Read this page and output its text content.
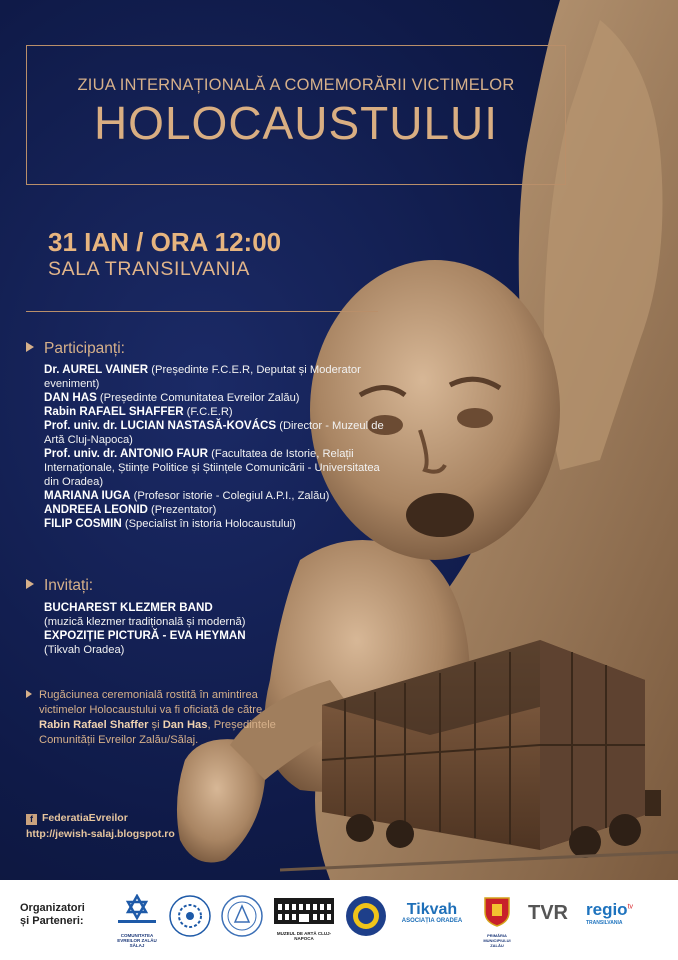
ZIUA INTERNAȚIONALĂ A COMEMORĂRII VICTIMELOR
HOLOCAUSTULUI
31 IAN / ORA 12:00
SALA TRANSILVANIA
Participanți:
Dr. AUREL VAINER (Președinte F.C.E.R, Deputat și Moderator eveniment)
DAN HAS (Președinte Comunitatea Evreilor Zalău)
Rabin RAFAEL SHAFFER (F.C.E.R)
Prof. univ. dr. LUCIAN NASTASĂ-KOVÁCS (Director - Muzeul de Artă Cluj-Napoca)
Prof. univ. dr. ANTONIO FAUR (Facultatea de Istorie, Relații Internaționale, Științe Politice și Științele Comunicării - Universitatea din Oradea)
MARIANA IUGA (Profesor istorie - Colegiul A.P.I., Zalău)
ANDREEA LEONID (Prezentator)
FILIP COSMIN (Specialist în istoria Holocaustului)
Invitați:
BUCHAREST KLEZMER BAND
(muzică klezmer tradițională și modernă)
EXPOZIȚIE PICTURĂ - EVA HEYMAN
(Tikvah Oradea)
Rugăciunea ceremonială rostită în amintirea victimelor Holocaustului va fi oficiată de către Rabin Rafael Shaffer și Dan Has, Președintele Comunității Evreilor Zalău/Sălaj.
f FederatiaEvreilor
http://jewish-salaj.blogspot.ro
Organizatori
și Parteneri:
COMUNITATEA EVREILOR ZALĂU SĂLAJ
MUZEUL DE ARTĂ CLUJ-NAPOCA
Tikvah
ASOCIAȚIA ORADEA
PRIMĂRIA MUNICIPIULUI ZALĂU
TVR regio$^{tv}$
TRANSILVANIA
